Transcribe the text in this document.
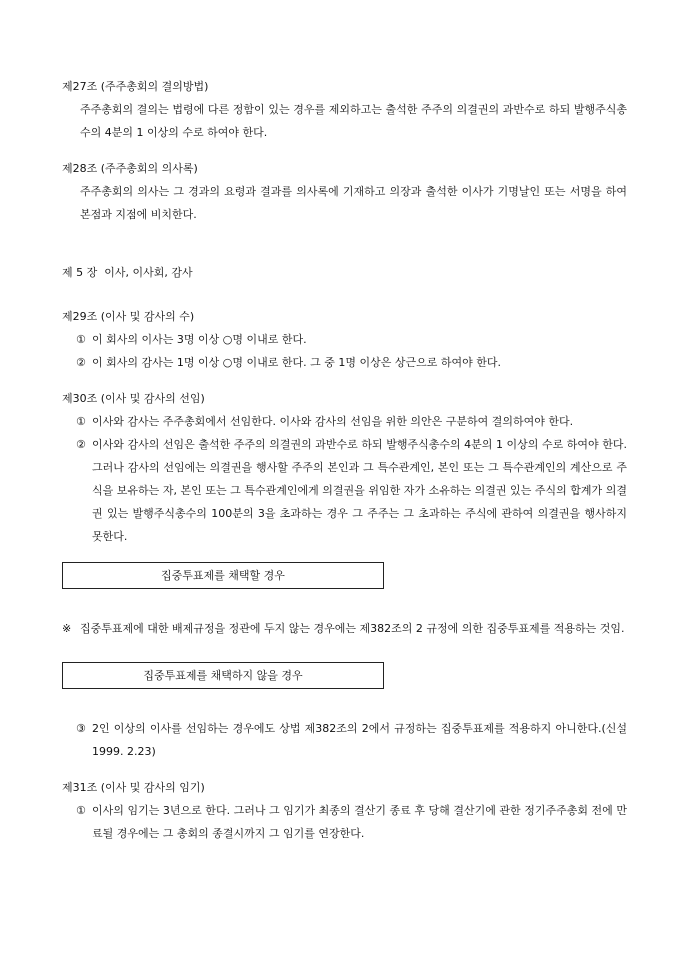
제27조 (주주총회의 결의방법)
주주총회의 결의는 법령에 다른 정함이 있는 경우를 제외하고는 출석한 주주의 의결권의 과반수로 하되 발행주식총수의 4분의 1 이상의 수로 하여야 한다.
제28조 (주주총회의 의사록)
주주총회의 의사는 그 경과의 요령과 결과를 의사록에 기재하고 의장과 출석한 이사가 기명날인 또는 서명을 하여 본점과 지점에 비치한다.
제 5 장  이사, 이사회, 감사
제29조 (이사 및 감사의 수)
① 이 회사의 이사는 3명 이상 ○명 이내로 한다.
② 이 회사의 감사는 1명 이상 ○명 이내로 한다. 그 중 1명 이상은 상근으로 하여야 한다.
제30조 (이사 및 감사의 선임)
① 이사와 감사는 주주총회에서 선임한다. 이사와 감사의 선임을 위한 의안은 구분하여 결의하여야 한다.
② 이사와 감사의 선임은 출석한 주주의 의결권의 과반수로 하되 발행주식총수의 4분의 1 이상의 수로 하여야 한다. 그러나 감사의 선임에는 의결권을 행사할 주주의 본인과 그 특수관계인, 본인 또는 그 특수관계인의 계산으로 주식을 보유하는 자, 본인 또는 그 특수관계인에게 의결권을 위임한 자가 소유하는 의결권 있는 주식의 합계가 의결권 있는 발행주식총수의 100분의 3을 초과하는 경우 그 주주는 그 초과하는 주식에 관하여 의결권을 행사하지 못한다.
집중투표제를 채택할 경우
※ 집중투표제에 대한 배제규정을 정관에 두지 않는 경우에는 제382조의 2 규정에 의한 집중투표제를 적용하는 것임.
집중투표제를 채택하지 않을 경우
③ 2인 이상의 이사를 선임하는 경우에도 상법 제382조의 2에서 규정하는 집중투표제를 적용하지 아니한다.(신설 1999. 2.23)
제31조 (이사 및 감사의 임기)
① 이사의 임기는 3년으로 한다. 그러나 그 임기가 최종의 결산기 종료 후 당해 결산기에 관한 정기주주총회 전에 만료될 경우에는 그 총회의 종결시까지 그 임기를 연장한다.
